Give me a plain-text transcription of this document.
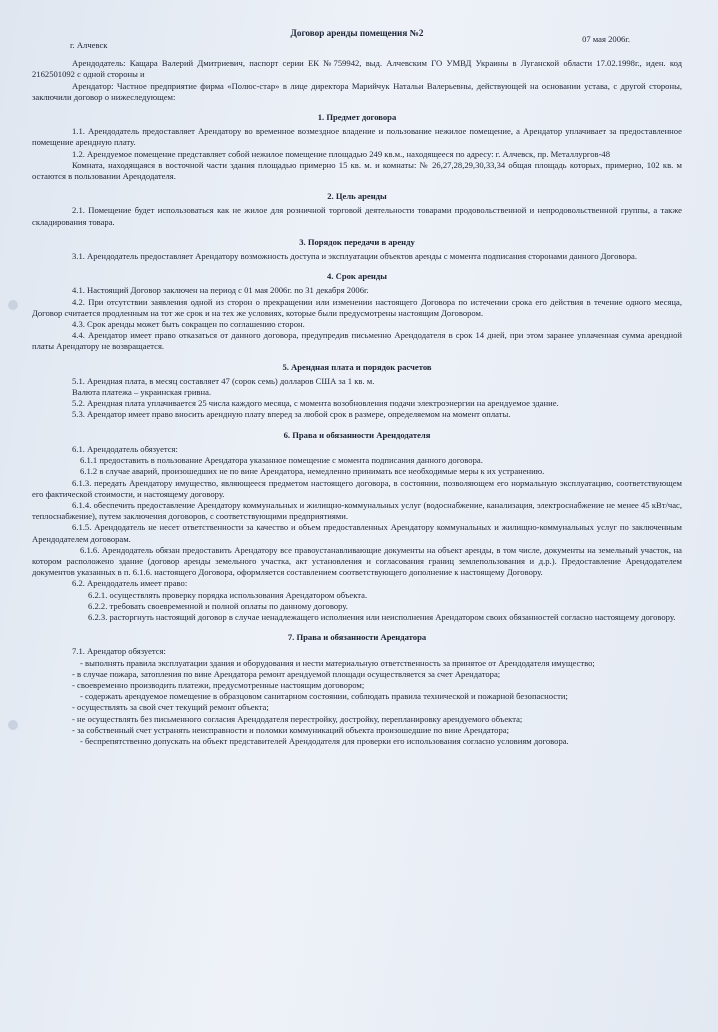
Договор аренды помещения №2
г. Алчевск
07 мая 2006г.

Арендодатель: Кащара Валерий Дмитриевич, паспорт серии ЕК №759942, выд. Алчевским ГО УМВД Украины в Луганской области 17.02.1998г., иден. код 2162501092 с одной стороны и

Арендатор: Частное предприятие фирма «Полюс-стар» в лице директора Марийчук Натальи Валерьевны, действующей на основании устава, с другой стороны, заключили договор о нижеследующем:

1. Предмет договора

1.1. Арендодатель предоставляет Арендатору во временное возмездное владение и пользование нежилое помещение, а Арендатор уплачивает за предоставленное помещение арендную плату.

1.2. Арендуемое помещение представляет собой нежилое помещение площадью 249 кв.м., находящееся по адресу: г. Алчевск, пр. Металлургов-48

Комната, находящаяся в восточной части здания площадью примерно 15 кв. м. и комнаты: № 26,27,28,29,30,33,34 общая площадь которых, примерно, 102 кв. м остаются в пользовании Арендодателя.

2. Цель аренды

2.1. Помещение будет использоваться как не жилое для розничной торговой деятельности товарами продовольственной и непродовольственной группы, а также складирования товара.

3. Порядок передачи в аренду

3.1. Арендодатель предоставляет Арендатору возможность доступа и эксплуатации объектов аренды с момента подписания сторонами данного Договора.

4. Срок аренды

4.1. Настоящий Договор заключен на период с 01 мая 2006г. по 31 декабря 2006г.

4.2. При отсутствии заявления одной из сторон о прекращении или изменении настоящего Договора по истечении срока его действия в течение одного месяца, Договор считается продленным на тот же срок и на тех же условиях, которые были предусмотрены настоящим Договором.

4.3. Срок аренды может быть сокращен по соглашению сторон.

4.4. Арендатор имеет право отказаться от данного договора, предупредив письменно Арендодателя в срок 14 дней, при этом заранее уплаченная сумма арендной платы Арендатору не возвращается.

5. Арендная плата и порядок расчетов

5.1. Арендная плата, в месяц составляет 47 (сорок семь) долларов США за 1 кв. м.

Валюта платежа – украинская гривна.

5.2. Арендная плата уплачивается 25 числа каждого месяца, с момента возобновления подачи электроэнергии на арендуемое здание.

5.3. Арендатор имеет право вносить арендную плату вперед за любой срок в размере, определяемом на момент оплаты.

6. Права и обязанности Арендодателя

6.1. Арендодатель обязуется:

6.1.1 предоставить в пользование Арендатора указанное помещение с момента подписания данного договора.

6.1.2 в случае аварий, произошедших не по вине Арендатора, немедленно принимать все необходимые меры к их устранению.

6.1.3. передать Арендатору имущество, являющееся предметом настоящего договора, в состоянии, позволяющем его нормальную эксплуатацию, соответствующем его фактической стоимости, и настоящему договору.

6.1.4. обеспечить предоставление Арендатору коммунальных и жилищно-коммунальных услуг (водоснабжение, канализация, электроснабжение не менее 45 кВт/час, теплоснабжение), путем заключения договоров, с соответствующими предприятиями.

6.1.5. Арендодатель не несет ответственности за качество и объем предоставленных Арендатору коммунальных и жилищно-коммунальных услуг по заключенным Арендодателем договорам.

6.1.6. Арендодатель обязан предоставить Арендатору все правоустанавливающие документы на объект аренды, в том числе, документы на земельный участок, на котором расположено здание (договор аренды земельного участка, акт установления и согласования границ землепользования и д.р.). Предоставление Арендодателем документов указанных в п. 6.1.6. настоящего Договора, оформляется составлением соответствующего дополнение к настоящему Договору.

6.2. Арендодатель имеет право:

6.2.1. осуществлять проверку порядка использования Арендатором объекта.

6.2.2. требовать своевременной и полной оплаты по данному договору.

6.2.3. расторгнуть настоящий договор в случае ненадлежащего исполнения или неисполнения Арендатором своих обязанностей согласно настоящему договору.

7. Права и обязанности Арендатора

7.1. Арендатор обязуется:

- выполнять правила эксплуатации здания и оборудования и нести материальную ответственность за принятое от Арендодателя имущество;

- в случае пожара, затопления по вине Арендатора ремонт арендуемой площади осуществляется за счет Арендатора;

- своевременно производить платежи, предусмотренные настоящим договором;

- содержать арендуемое помещение в образцовом санитарном состоянии, соблюдать правила технической и пожарной безопасности;

- осуществлять за свой счет текущий ремонт объекта;

- не осуществлять без письменного согласия Арендодателя перестройку, достройку, перепланировку арендуемого объекта;

- за собственный счет устранять неисправности и поломки коммуникаций объекта произошедшие по вине Арендатора;

- беспрепятственно допускать на объект представителей Арендодателя для проверки его использования согласно условиям договора.
